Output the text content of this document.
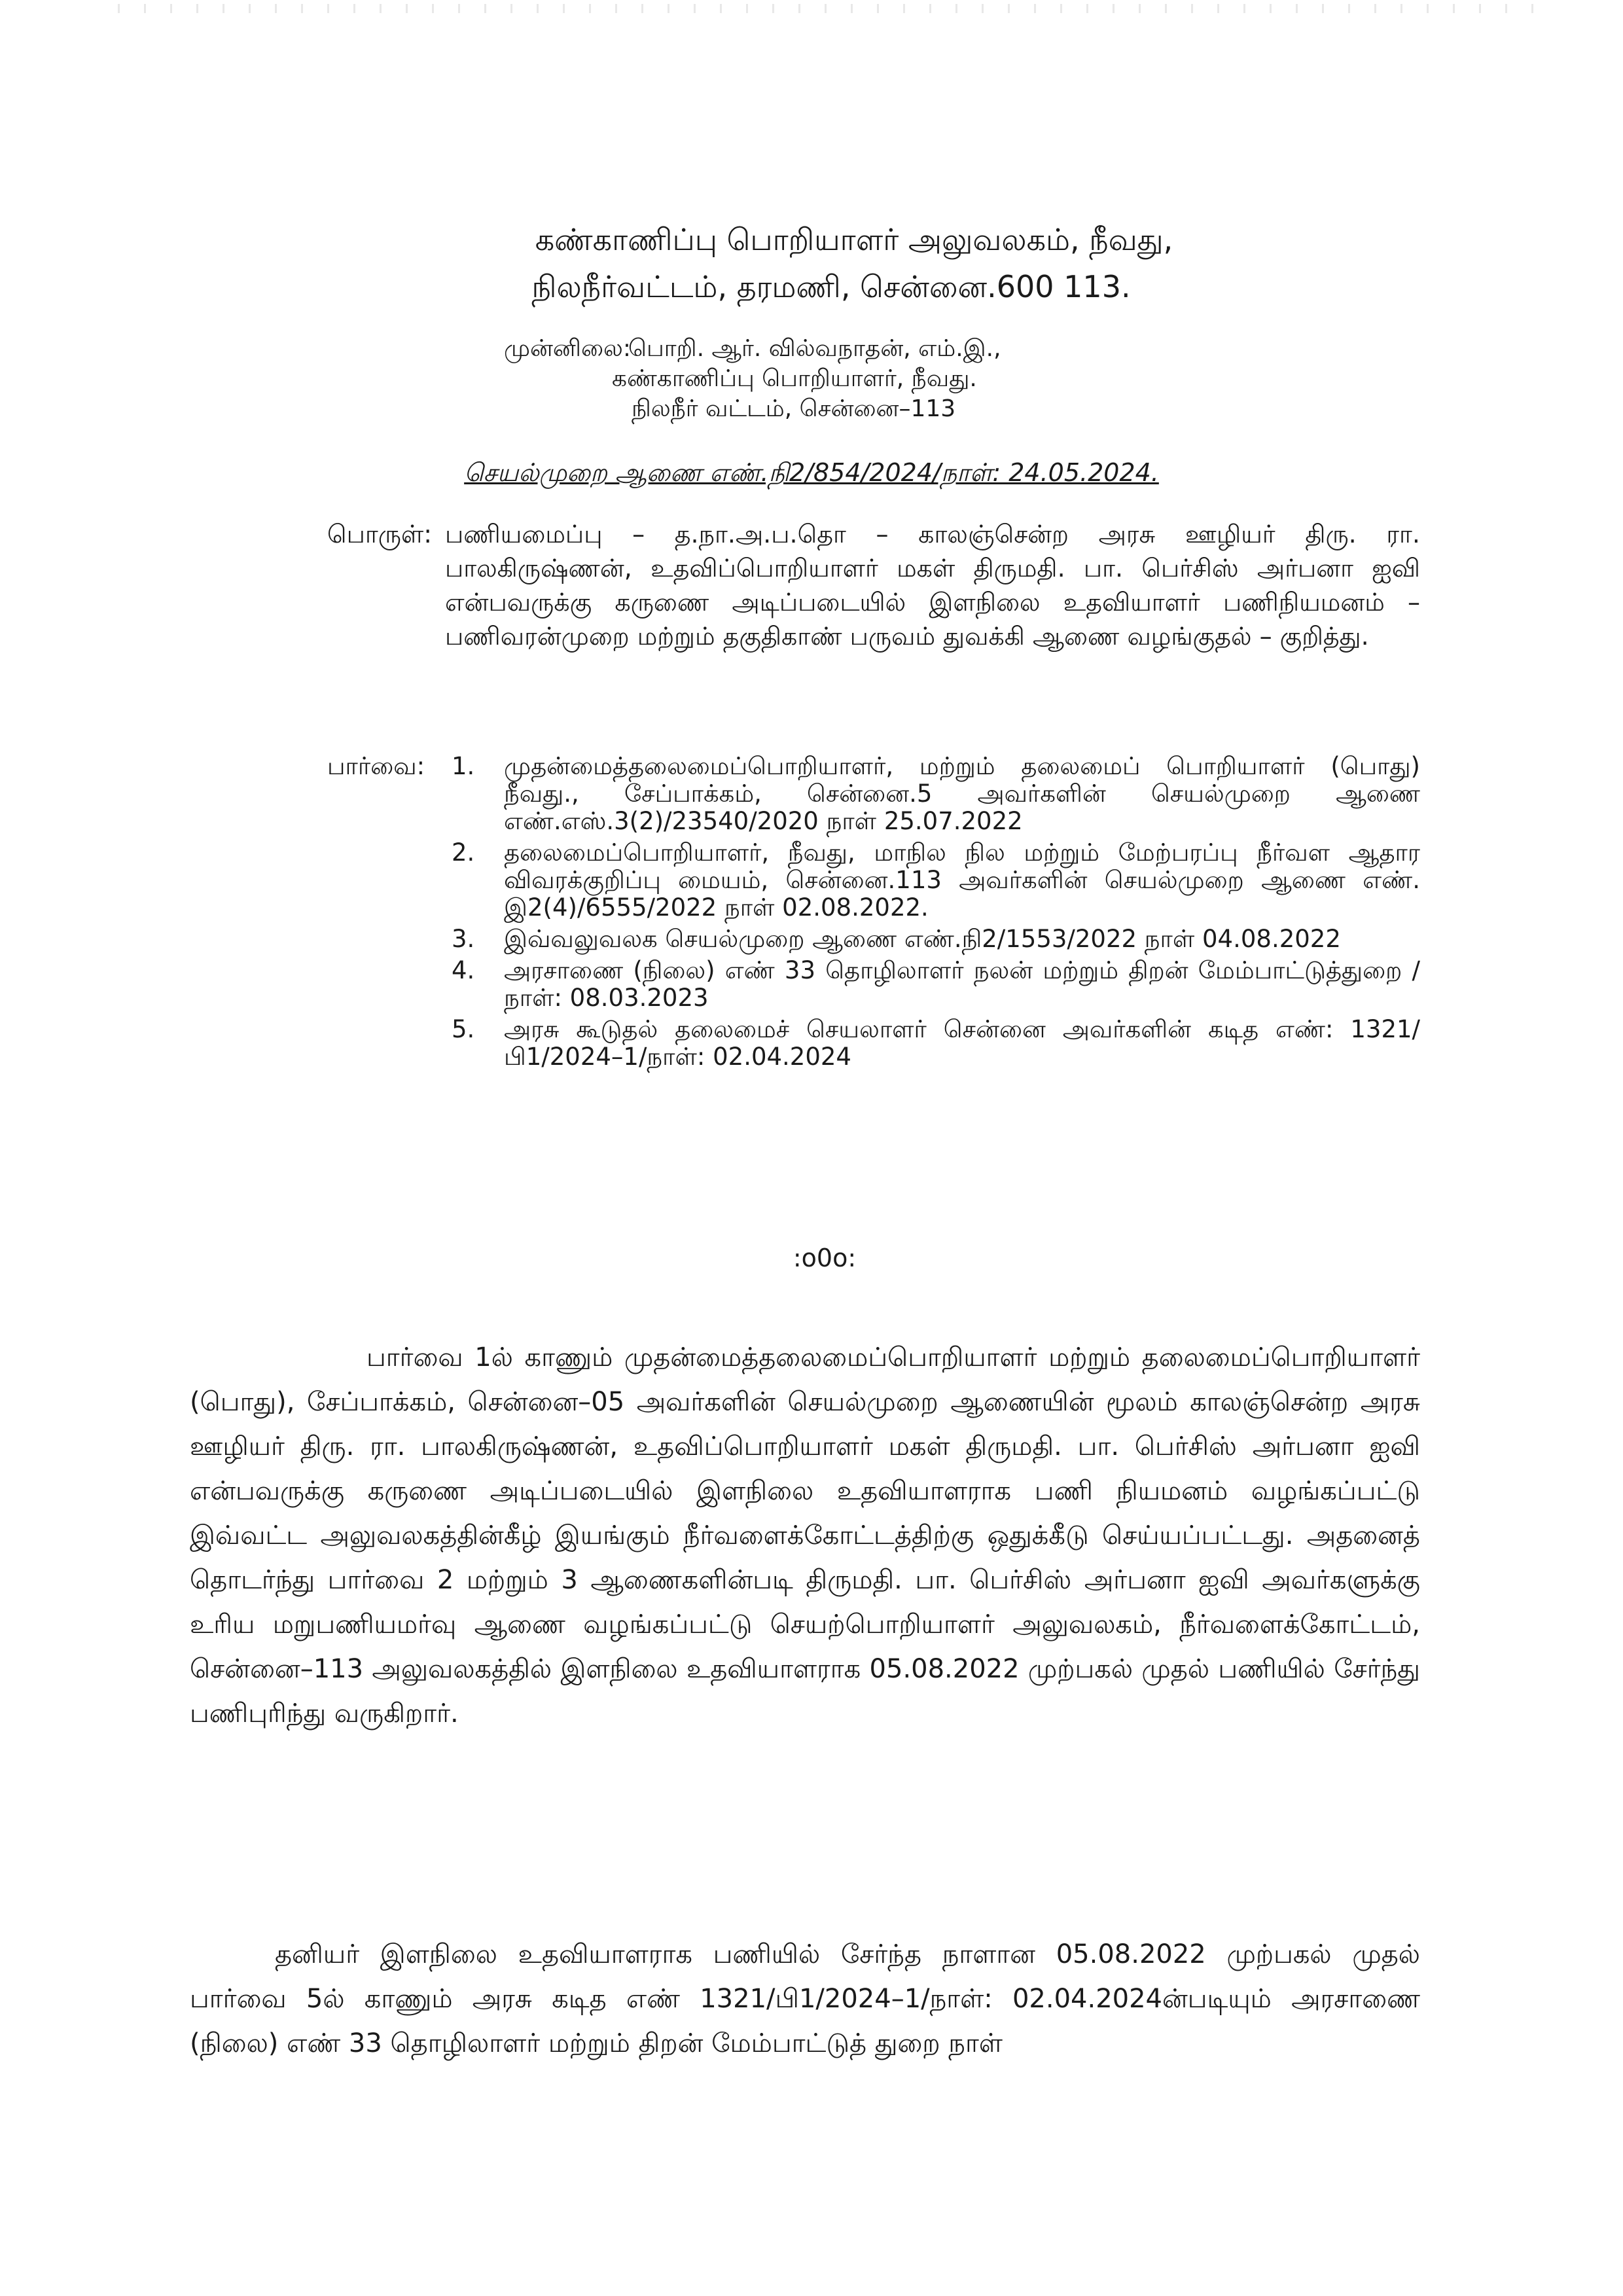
கண்காணிப்பு பொறியாளர் அலுவலகம், நீவது,
நிலநீர்வட்டம், தரமணி, சென்னை.600 113.
முன்னிலை:
பொறி. ஆர். வில்வநாதன், எம்.இ.,
கண்காணிப்பு பொறியாளர், நீவது.
நிலநீர் வட்டம், சென்னை–113
செயல்முறை ஆணை எண்.நி2/854/2024/நாள்: 24.05.2024.
பொருள்: பணியமைப்பு – த.நா.அ.ப.தொ – காலஞ்சென்ற அரசு ஊழியர் திரு. ரா. பாலகிருஷ்ணன், உதவிப்பொறியாளர் மகள் திருமதி. பா. பெர்சிஸ் அர்பனா ஐவி என்பவருக்கு கருணை அடிப்படையில் இளநிலை உதவியாளர் பணிநியமனம் – பணிவரன்முறை மற்றும் தகுதிகாண் பருவம் துவக்கி ஆணை வழங்குதல் – குறித்து.
பார்வை: 1.	முதன்மைத்தலைமைப்பொறியாளர், மற்றும் தலைமைப் பொறியாளர் (பொது) நீவது., சேப்பாக்கம், சென்னை.5 அவர்களின் செயல்முறை ஆணை எண்.எஸ்.3(2)/23540/2020 நாள் 25.07.2022
2.	தலைமைப்பொறியாளர், நீவது, மாநில நில மற்றும் மேற்பரப்பு நீர்வள ஆதார விவரக்குறிப்பு மையம், சென்னை.113 அவர்களின் செயல்முறை ஆணை எண். இ2(4)/6555/2022 நாள் 02.08.2022.
3.	இவ்வலுவலக செயல்முறை ஆணை எண்.நி2/1553/2022 நாள் 04.08.2022
4.	அரசாணை (நிலை) எண் 33 தொழிலாளர் நலன் மற்றும் திறன் மேம்பாட்டுத்துறை /நாள்: 08.03.2023
5.	அரசு கூடுதல் தலைமைச் செயலாளர் சென்னை அவர்களின் கடித எண்: 1321/பி1/2024–1/நாள்: 02.04.2024
:o0o:

பார்வை 1ல் காணும் முதன்மைத்தலைமைப்பொறியாளர் மற்றும் தலைமைப்பொறியாளர் (பொது), சேப்பாக்கம், சென்னை–05 அவர்களின் செயல்முறை ஆணையின் மூலம் காலஞ்சென்ற அரசு ஊழியர் திரு. ரா. பாலகிருஷ்ணன், உதவிப்பொறியாளர் மகள் திருமதி. பா. பெர்சிஸ் அர்பனா ஐவி என்பவருக்கு கருணை அடிப்படையில் இளநிலை உதவியாளராக பணி நியமனம் வழங்கப்பட்டு இவ்வட்ட அலுவலகத்தின்கீழ் இயங்கும் நீர்வளைக்கோட்டத்திற்கு ஒதுக்கீடு செய்யப்பட்டது. அதனைத் தொடர்ந்து பார்வை 2 மற்றும் 3 ஆணைகளின்படி திருமதி. பா. பெர்சிஸ் அர்பனா ஐவி அவர்களுக்கு உரிய மறுபணியமர்வு ஆணை வழங்கப்பட்டு செயற்பொறியாளர் அலுவலகம், நீர்வளைக்கோட்டம், சென்னை–113 அலுவலகத்தில் இளநிலை உதவியாளராக 05.08.2022 முற்பகல் முதல் பணியில் சேர்ந்து பணிபுரிந்து வருகிறார்.

தனியர் இளநிலை உதவியாளராக பணியில் சேர்ந்த நாளான 05.08.2022 முற்பகல் முதல் பார்வை 5ல் காணும் அரசு கடித எண் 1321/பி1/2024–1/நாள்: 02.04.2024ன்படியும் அரசாணை (நிலை) எண் 33 தொழிலாளர் மற்றும் திறன் மேம்பாட்டுத் துறை நாள்
